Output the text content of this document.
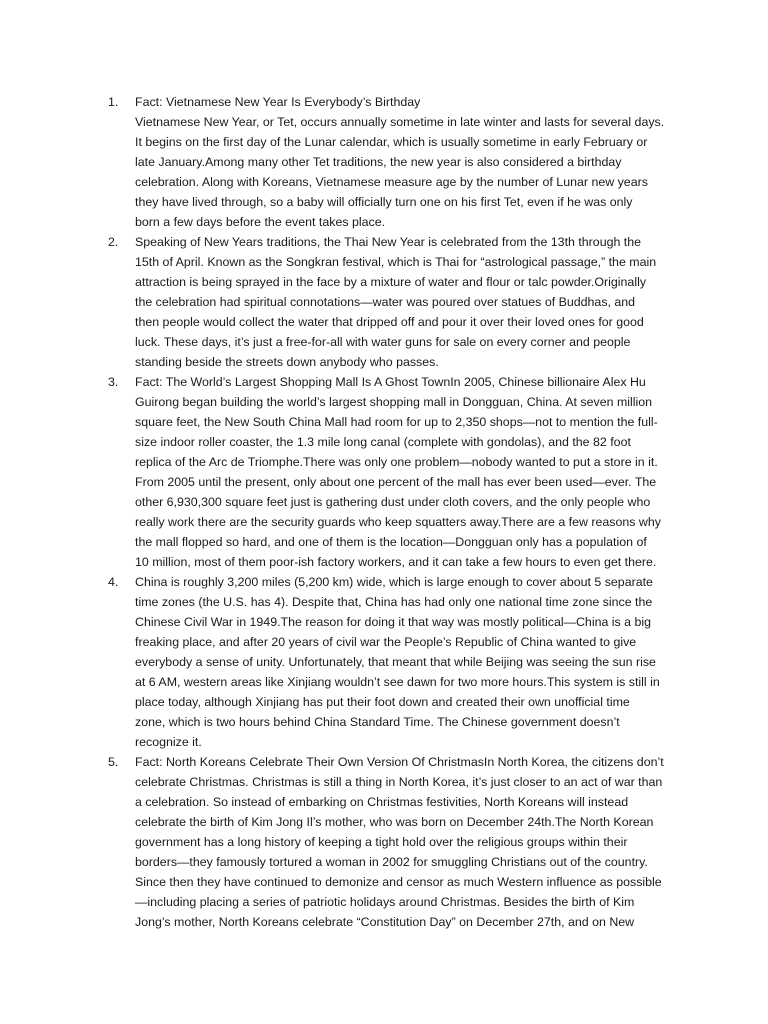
1.	Fact: Vietnamese New Year Is Everybody’s Birthday
Vietnamese New Year, or Tet, occurs annually sometime in late winter and lasts for several days.
It begins on the first day of the Lunar calendar, which is usually sometime in early February or
late January.Among many other Tet traditions, the new year is also considered a birthday
celebration. Along with Koreans, Vietnamese measure age by the number of Lunar new years
they have lived through, so a baby will officially turn one on his first Tet, even if he was only
born a few days before the event takes place.
2.	Speaking of New Years traditions, the Thai New Year is celebrated from the 13th through the
15th of April. Known as the Songkran festival, which is Thai for “astrological passage,” the main
attraction is being sprayed in the face by a mixture of water and flour or talc powder.Originally
the celebration had spiritual connotations—water was poured over statues of Buddhas, and
then people would collect the water that dripped off and pour it over their loved ones for good
luck. These days, it’s just a free-for-all with water guns for sale on every corner and people
standing beside the streets down anybody who passes.
3.	Fact: The World’s Largest Shopping Mall Is A Ghost TownIn 2005, Chinese billionaire Alex Hu
Guirong began building the world’s largest shopping mall in Dongguan, China. At seven million
square feet, the New South China Mall had room for up to 2,350 shops—not to mention the full-
size indoor roller coaster, the 1.3 mile long canal (complete with gondolas), and the 82 foot
replica of the Arc de Triomphe.There was only one problem—nobody wanted to put a store in it.
From 2005 until the present, only about one percent of the mall has ever been used—ever. The
other 6,930,300 square feet just is gathering dust under cloth covers, and the only people who
really work there are the security guards who keep squatters away.There are a few reasons why
the mall flopped so hard, and one of them is the location—Dongguan only has a population of
10 million, most of them poor-ish factory workers, and it can take a few hours to even get there.
4.	China is roughly 3,200 miles (5,200 km) wide, which is large enough to cover about 5 separate
time zones (the U.S. has 4). Despite that, China has had only one national time zone since the
Chinese Civil War in 1949.The reason for doing it that way was mostly political—China is a big
freaking place, and after 20 years of civil war the People’s Republic of China wanted to give
everybody a sense of unity. Unfortunately, that meant that while Beijing was seeing the sun rise
at 6 AM, western areas like Xinjiang wouldn’t see dawn for two more hours.This system is still in
place today, although Xinjiang has put their foot down and created their own unofficial time
zone, which is two hours behind China Standard Time. The Chinese government doesn’t
recognize it.
5.	Fact: North Koreans Celebrate Their Own Version Of ChristmasIn North Korea, the citizens don’t
celebrate Christmas. Christmas is still a thing in North Korea, it’s just closer to an act of war than
a celebration. So instead of embarking on Christmas festivities, North Koreans will instead
celebrate the birth of Kim Jong Il’s mother, who was born on December 24th.The North Korean
government has a long history of keeping a tight hold over the religious groups within their
borders—they famously tortured a woman in 2002 for smuggling Christians out of the country.
Since then they have continued to demonize and censor as much Western influence as possible
—including placing a series of patriotic holidays around Christmas. Besides the birth of Kim
Jong’s mother, North Koreans celebrate “Constitution Day” on December 27th, and on New
